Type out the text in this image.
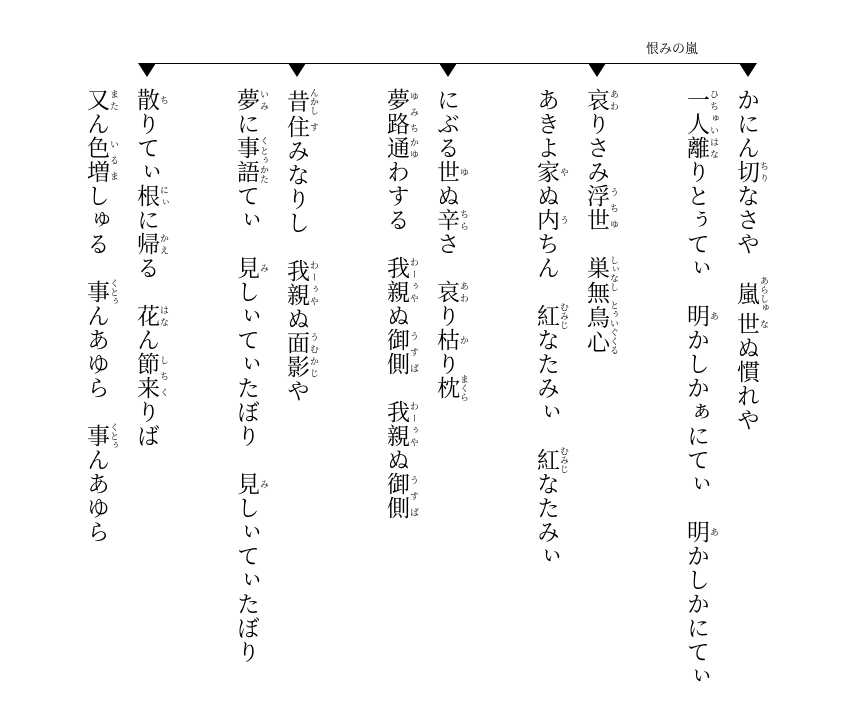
恨みの嵐
かにん切 ちりなさや　嵐 あらしゅ世 なぬ慣れや
一人離 ひちゅいはなりとぅてぃ　明 あかしかぁにてぃ　明 あかしかにてぃ
哀 あわりさみ浮世 うちゆ　巣無鳥心 しぃなし　とぅいぐくる
あきよ家 やぬ内 うちん　紅 むみじなたみぃ　紅 むみじなたみぃ
にぶる世 ゆぬ辛 ちらさ　哀 あわり枯 かり枕 まくら
夢路 ゆみち通 かゆわする　我親 わーぅやぬ御側 うすば　我親 わーぅやぬ御側 うすば
昔 んかし住 すみなりし　我親 わーぅやぬ面影 うむかじや
夢 いみに事語 くとぅかたてぃ　見 みしぃてぃたぼり　見 みしぃてぃたぼり
散 ちりてぃ根 にぃに帰 かえる　花 はなん節来 しちくりば
又 またん色増 いるましゅる　事 くとぅんあゆら　事 くとぅんあゆら
